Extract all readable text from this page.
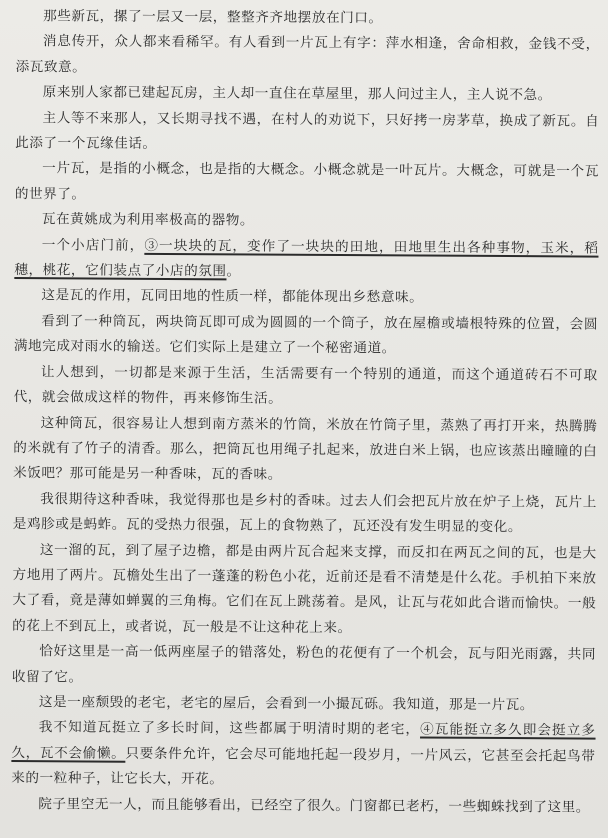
那些新瓦，摞了一层又一层，整整齐齐地摆放在门口。

消息传开，众人都来看稀罕。有人看到一片瓦上有字：萍水相逢，舍命相救，金钱不受，添瓦致意。

原来别人家都已建起瓦房，主人却一直住在草屋里，那人问过主人，主人说不急。

主人等不来那人，又长期寻找不遇，在村人的劝说下，只好拷一房茅草，换成了新瓦。自此添了一个瓦缘佳话。

一片瓦，是指的小概念，也是指的大概念。小概念就是一叶瓦片。大概念，可就是一个瓦的世界了。

瓦在黄姚成为利用率极高的器物。

一个小店门前，③一块块的瓦，变作了一块块的田地，田地里生出各种事物，玉米，稻穗，桃花，它们装点了小店的氛围。

这是瓦的作用，瓦同田地的性质一样，都能体现出乡愁意味。

看到了一种筒瓦，两块筒瓦即可成为圆圆的一个筒子，放在屋檐或墙根特殊的位置，会圆满地完成对雨水的输送。它们实际上是建立了一个秘密通道。

让人想到，一切都是来源于生活，生活需要有一个特别的通道，而这个通道砖石不可取代，就会做成这样的物件，再来修饰生活。

这种筒瓦，很容易让人想到南方蒸米的竹筒，米放在竹筒子里，蒸熟了再打开来，热腾腾的米就有了竹子的清香。那么，把筒瓦也用绳子扎起来，放进白米上锅，也应该蒸出瞳瞳的白米饭吧？那可能是另一种香味，瓦的香味。

我很期待这种香味，我觉得那也是乡村的香味。过去人们会把瓦片放在炉子上烧，瓦片上是鸡胗或是蚂蚱。瓦的受热力很强，瓦上的食物熟了，瓦还没有发生明显的变化。

这一溜的瓦，到了屋子边檐，都是由两片瓦合起来支撑，而反扣在两瓦之间的瓦，也是大方地用了两片。瓦檐处生出了一蓬蓬的粉色小花，近前还是看不清楚是什么花。手机拍下来放大了看，竟是薄如蝉翼的三角梅。它们在瓦上跳荡着。是风，让瓦与花如此合谐而愉快。一般的花上不到瓦上，或者说，瓦一般是不让这种花上来。

恰好这里是一高一低两座屋子的错落处，粉色的花便有了一个机会，瓦与阳光雨露，共同收留了它。

这是一座颓毁的老宅，老宅的屋后，会看到一小撮瓦砾。我知道，那是一片瓦。

我不知道瓦挺立了多长时间，这些都属于明清时期的老宅，④瓦能挺立多久即会挺立多久，瓦不会偷懒。只要条件允许，它会尽可能地托起一段岁月，一片风云，它甚至会托起鸟带来的一粒种子，让它长大，开花。

院子里空无一人，而且能够看出，已经空了很久。门窗都已老朽，一些蜘蛛找到了这里。
